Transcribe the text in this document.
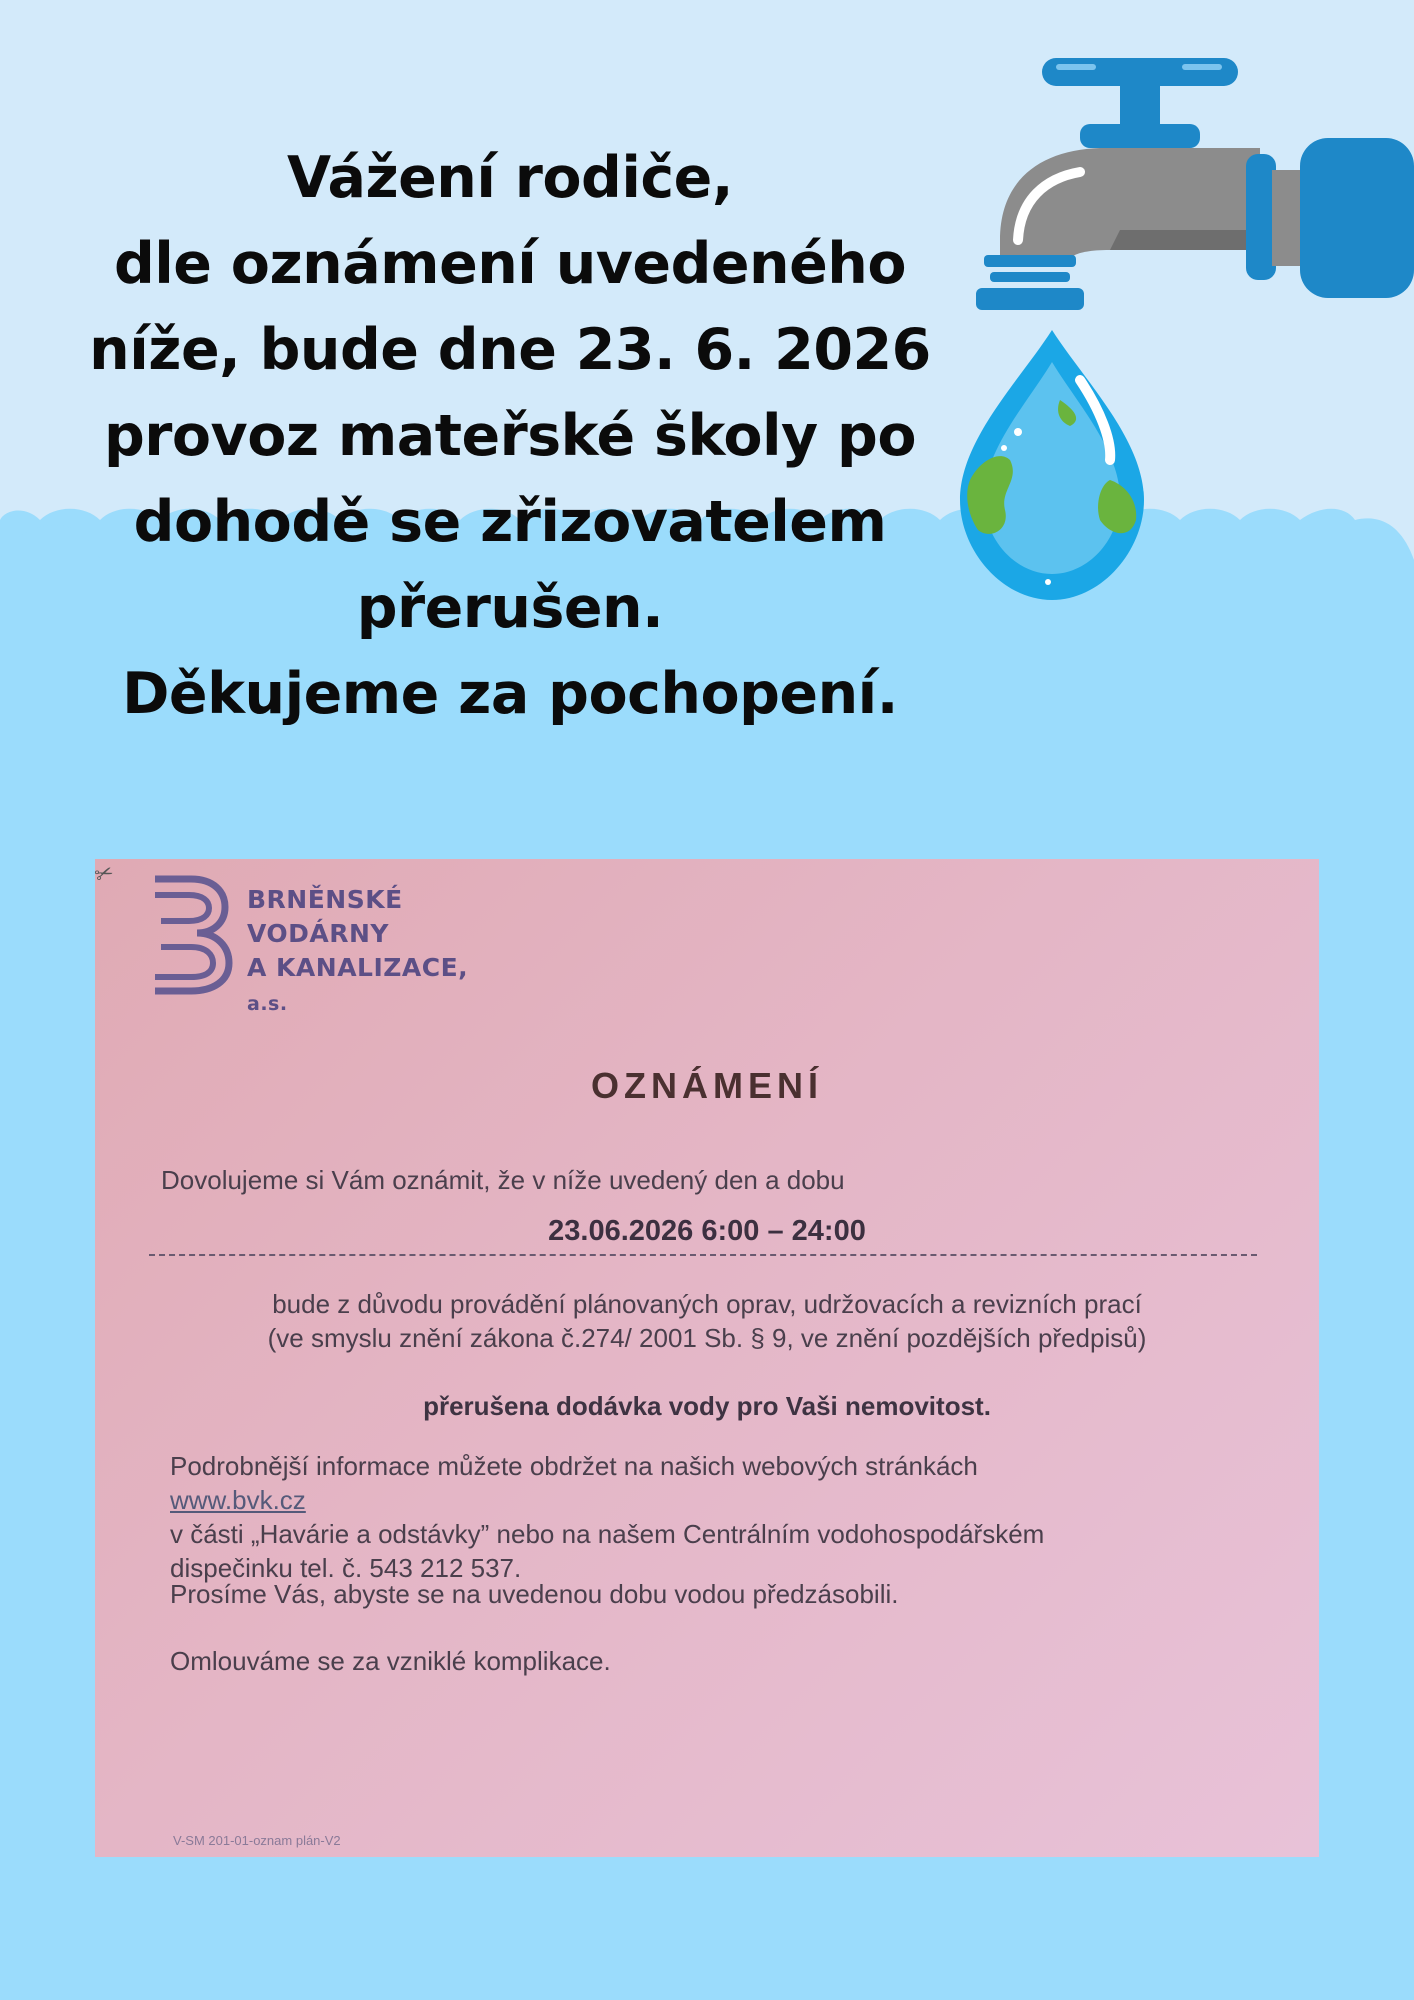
Vážení rodiče,
dle oznámení uvedeného
níže, bude dne 23. 6. 2026
provoz mateřské školy po
dohodě se zřizovatelem
přerušen.
Děkujeme za pochopení.
✂
BRNĚNSKÉ
VODÁRNY
A KANALIZACE,
a.s.
OZNÁMENÍ
Dovolujeme si Vám oznámit, že v níže uvedený den a dobu
23.06.2026 6:00 – 24:00
bude z důvodu provádění plánovaných oprav, udržovacích a revizních prací
(ve smyslu znění zákona č.274/ 2001 Sb. § 9, ve znění pozdějších předpisů)
přerušena dodávka vody pro Vaši nemovitost.
Podrobnější informace můžete obdržet na našich webových stránkách
www.bvk.cz
v části „Havárie a odstávky” nebo na našem Centrálním vodohospodářském
dispečinku tel. č. 543 212 537.
Prosíme Vás, abyste se na uvedenou dobu vodou předzásobili.
Omlouváme se za vzniklé komplikace.
V-SM 201-01-ozn​am plán-V2
